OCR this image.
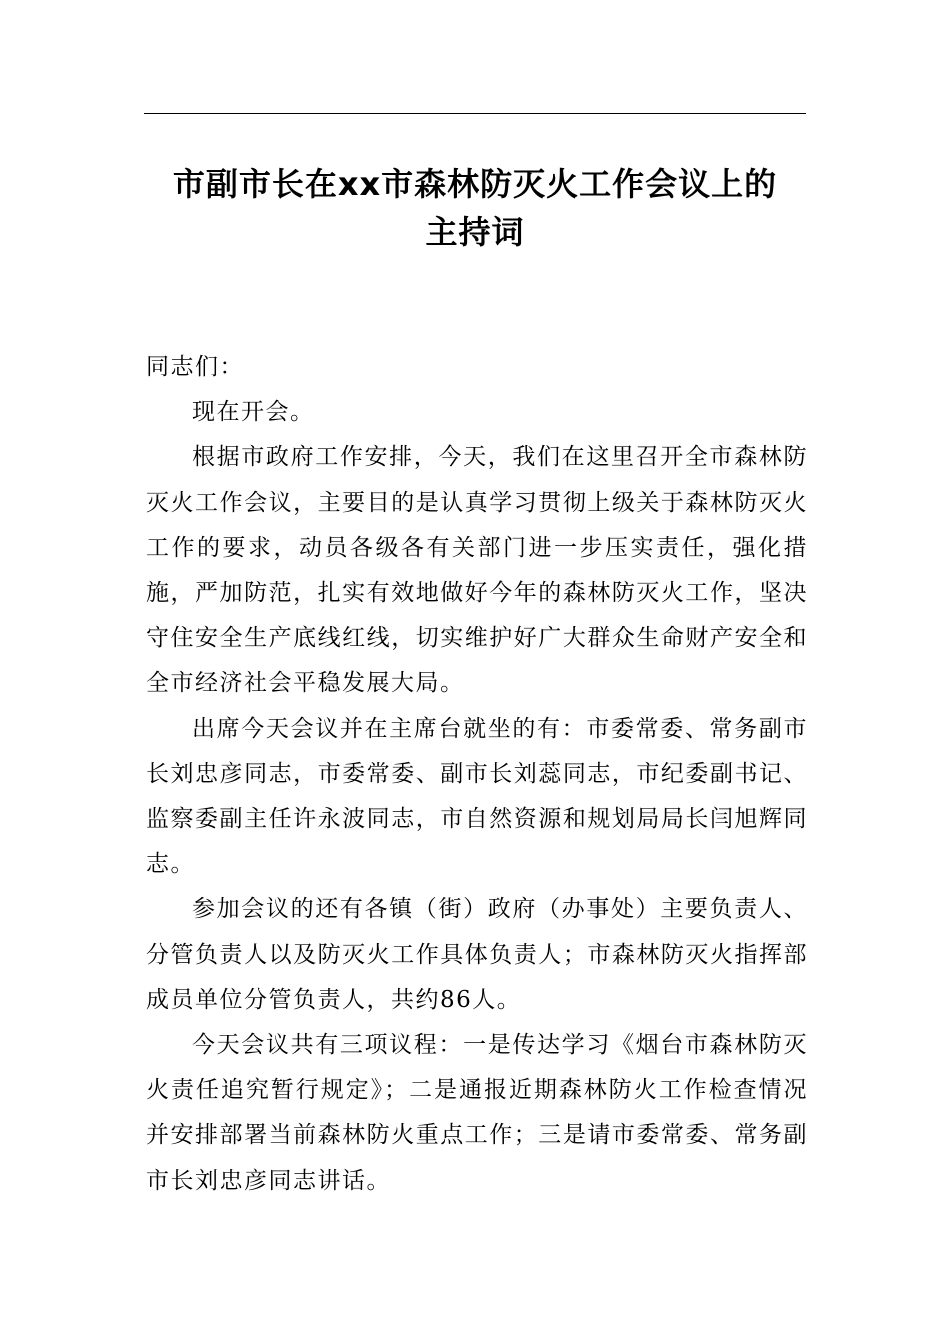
市副市长在xx市森林防灭火工作会议上的
主持词

同志们：

现在开会。

根据市政府工作安排，今天，我们在这里召开全市森林防灭火工作会议，主要目的是认真学习贯彻上级关于森林防灭火工作的要求，动员各级各有关部门进一步压实责任，强化措施，严加防范，扎实有效地做好今年的森林防灭火工作，坚决守住安全生产底线红线，切实维护好广大群众生命财产安全和全市经济社会平稳发展大局。

出席今天会议并在主席台就坐的有：市委常委、常务副市长刘忠彦同志，市委常委、副市长刘蕊同志，市纪委副书记、监察委副主任许永波同志，市自然资源和规划局局长闫旭辉同志。

参加会议的还有各镇（街）政府（办事处）主要负责人、分管负责人以及防灭火工作具体负责人；市森林防灭火指挥部成员单位分管负责人，共约86人。

今天会议共有三项议程：一是传达学习《烟台市森林防灭火责任追究暂行规定》；二是通报近期森林防火工作检查情况并安排部署当前森林防火重点工作；三是请市委常委、常务副市长刘忠彦同志讲话。
